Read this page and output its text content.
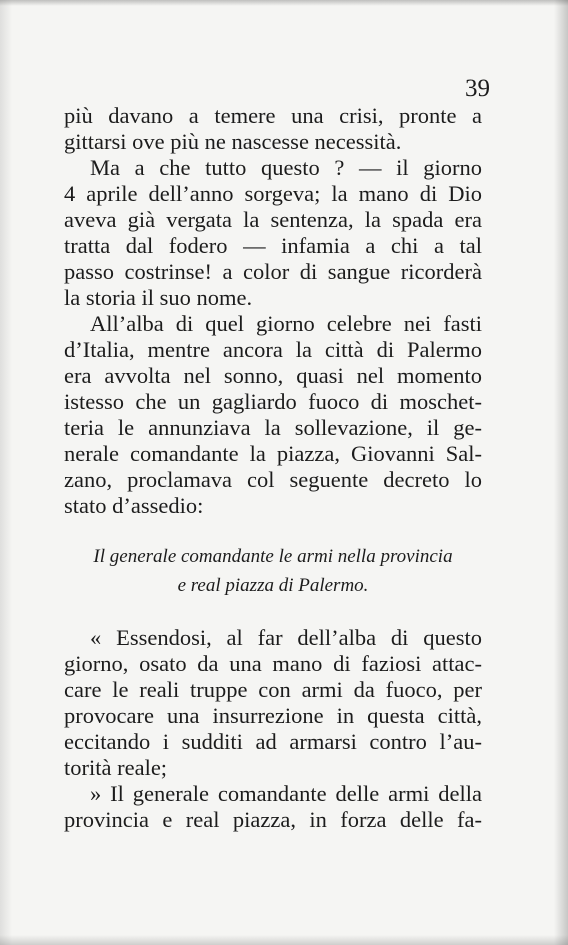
39
più davano a temere una crisi, pronte a
gittarsi ove più ne nascesse necessità.
Ma a che tutto questo ? — il giorno
4 aprile dell’anno sorgeva; la mano di Dio
aveva già vergata la sentenza, la spada era
tratta dal fodero — infamia a chi a tal
passo costrinse! a color di sangue ricorderà
la storia il suo nome.
All’alba di quel giorno celebre nei fasti
d’Italia, mentre ancora la città di Palermo
era avvolta nel sonno, quasi nel momento
istesso che un gagliardo fuoco di moschet-
teria le annunziava la sollevazione, il ge-
nerale comandante la piazza, Giovanni Sal-
zano, proclamava col seguente decreto lo
stato d’assedio:
Il generale comandante le armi nella provincia
e real piazza di Palermo.
« Essendosi, al far dell’alba di questo
giorno, osato da una mano di faziosi attac-
care le reali truppe con armi da fuoco, per
provocare una insurrezione in questa città,
eccitando i sudditi ad armarsi contro l’au-
torità reale;
» Il generale comandante delle armi della
provincia e real piazza, in forza delle fa-
